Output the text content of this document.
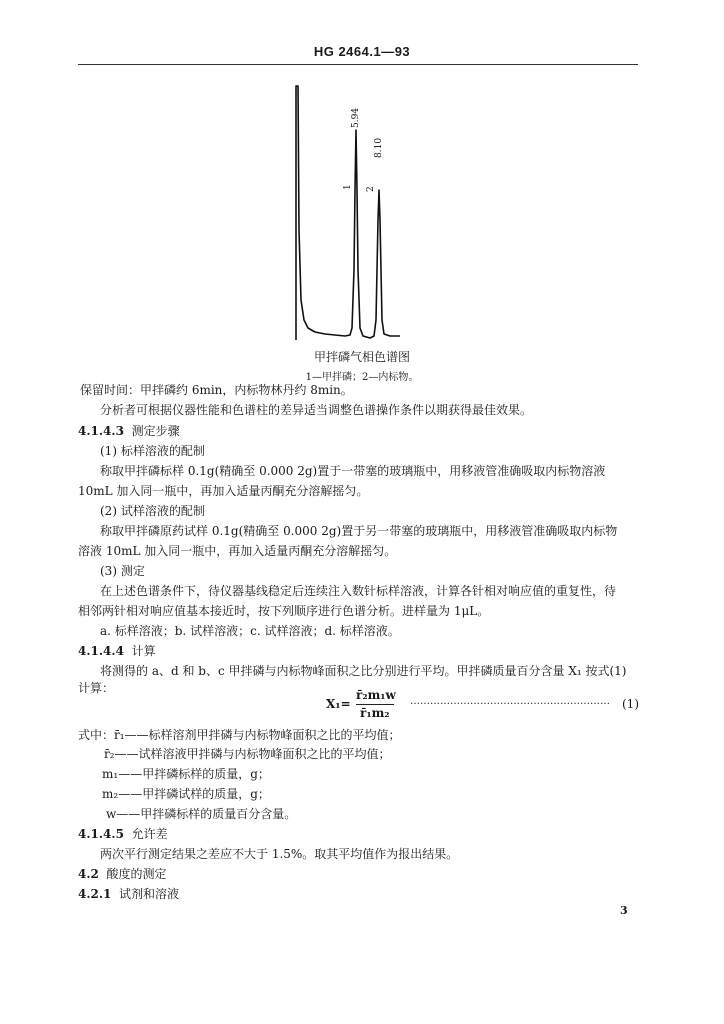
HG 2464.1—93
5.94
8.10
1 2
甲拌磷气相色谱图
1—甲拌磷；2—内标物。
保留时间：甲拌磷约 6min，内标物林丹约 8min。
分析者可根据仪器性能和色谱柱的差异适当调整色谱操作条件以期获得最佳效果。
4.1.4.3 测定步骤
(1) 标样溶液的配制
称取甲拌磷标样 0.1g(精确至 0.000 2g)置于一带塞的玻璃瓶中，用移液管准确吸取内标物溶液
10mL 加入同一瓶中，再加入适量丙酮充分溶解摇匀。
(2) 试样溶液的配制
称取甲拌磷原药试样 0.1g(精确至 0.000 2g)置于另一带塞的玻璃瓶中，用移液管准确吸取内标物
溶液 10mL 加入同一瓶中，再加入适量丙酮充分溶解摇匀。
(3) 测定
在上述色谱条件下，待仪器基线稳定后连续注入数针标样溶液，计算各针相对响应值的重复性，待
相邻两针相对响应值基本接近时，按下列顺序进行色谱分析。进样量为 1μL。
a. 标样溶液；b. 试样溶液；c. 试样溶液；d. 标样溶液。
4.1.4.4 计算
将测得的 a、d 和 b、c 甲拌磷与内标物峰面积之比分别进行平均。甲拌磷质量百分含量 X₁ 按式(1)
计算：
X₁=
r̄₂m₁w
r̄₁m₂
…………………………………………………… (1)
式中：r̄₁——标样溶剂甲拌磷与内标物峰面积之比的平均值；
r̄₂——试样溶液甲拌磷与内标物峰面积之比的平均值；
m₁——甲拌磷标样的质量，g；
m₂——甲拌磷试样的质量，g；
w——甲拌磷标样的质量百分含量。
4.1.4.5 允许差
两次平行测定结果之差应不大于 1.5%。取其平均值作为报出结果。
4.2 酸度的测定
4.2.1 试剂和溶液
3
